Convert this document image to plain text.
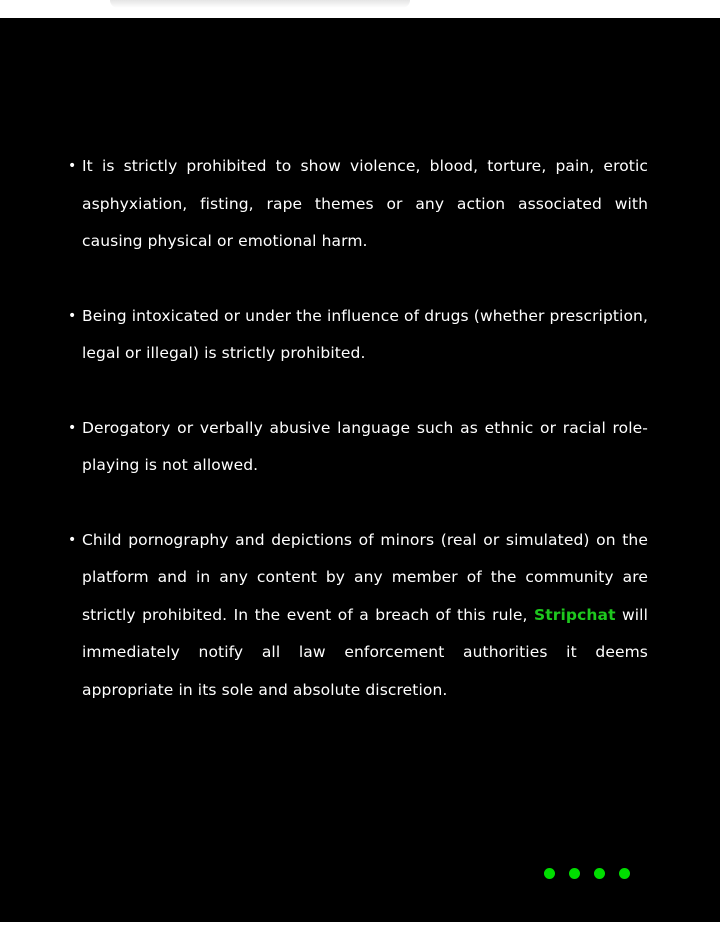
• It is strictly prohibited to show violence, blood, torture, pain, erotic asphyxiation, fisting, rape themes or any action associated with causing physical or emotional harm.
• Being intoxicated or under the influence of drugs (whether prescription, legal or illegal) is strictly prohibited.
• Derogatory or verbally abusive language such as ethnic or racial role-playing is not allowed.
• Child pornography and depictions of minors (real or simulated) on the platform and in any content by any member of the community are strictly prohibited. In the event of a breach of this rule, Stripchat will immediately notify all law enforcement authorities it deems appropriate in its sole and absolute discretion.
